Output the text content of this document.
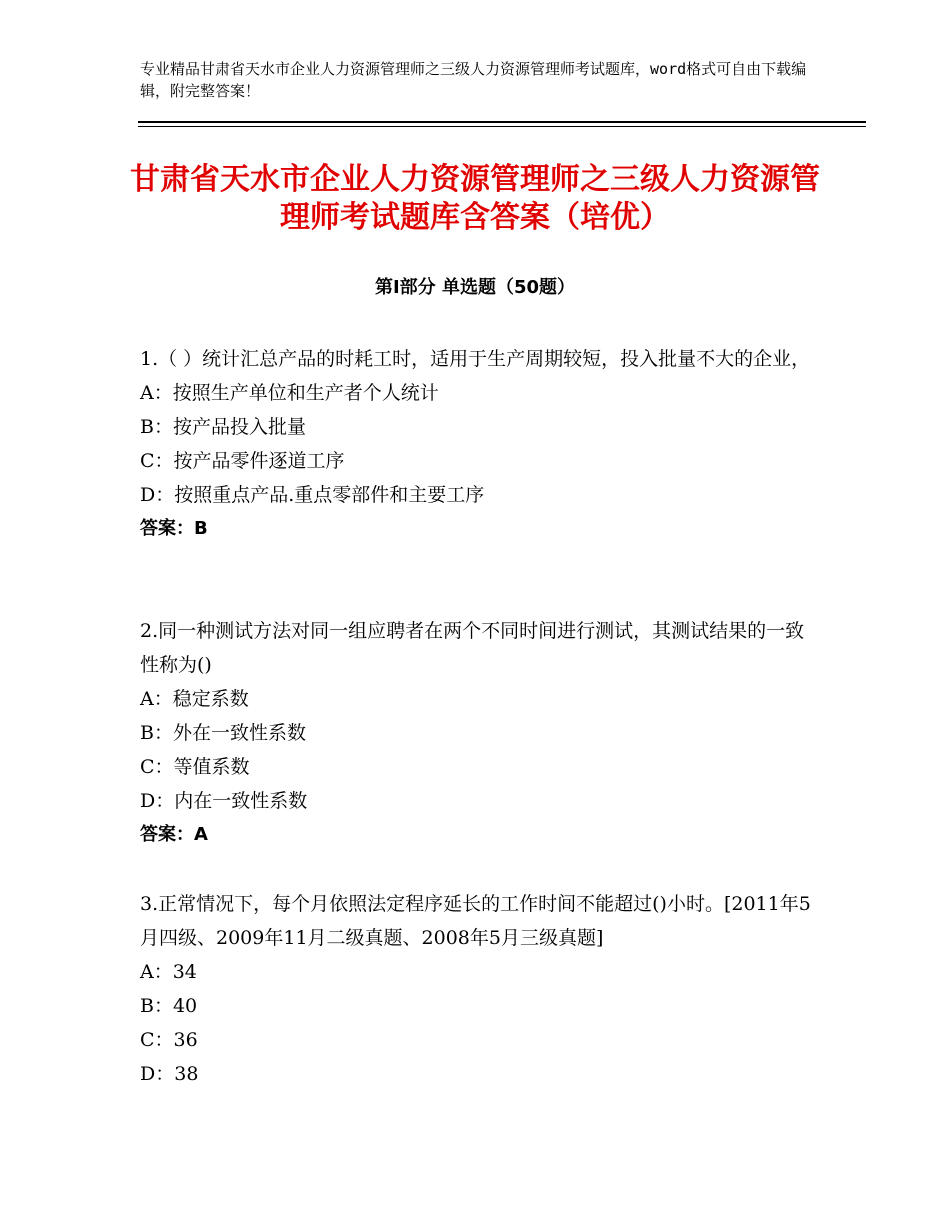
专业精品甘肃省天水市企业人力资源管理师之三级人力资源管理师考试题库，word格式可自由下载编辑，附完整答案！
甘肃省天水市企业人力资源管理师之三级人力资源管理师考试题库含答案（培优）
第Ⅰ部分 单选题（50题）
1.（ ）统计汇总产品的时耗工时，适用于生产周期较短，投入批量不大的企业，
A：按照生产单位和生产者个人统计
B：按产品投入批量
C：按产品零件逐道工序
D：按照重点产品.重点零部件和主要工序
答案：B
2.同一种测试方法对同一组应聘者在两个不同时间进行测试，其测试结果的一致性称为()
A：稳定系数
B：外在一致性系数
C：等值系数
D：内在一致性系数
答案：A
3.正常情况下，每个月依照法定程序延长的工作时间不能超过()小时。[2011年5月四级、2009年11月二级真题、2008年5月三级真题]
A：34
B：40
C：36
D：38
